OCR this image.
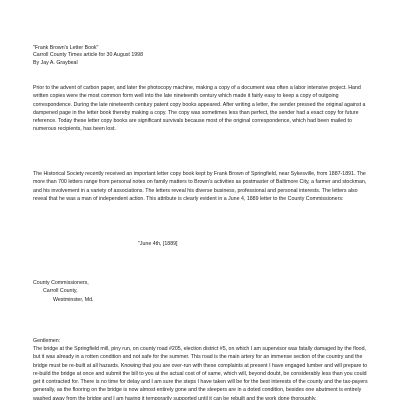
"Frank Brown's Letter Book"

Carroll County Times article for 30 August 1998

By Jay A. Graybeal

Prior to the advent of carbon paper, and later the photocopy machine, making a copy of a document was often a labor intensive project. Hand written copies were the most common form well into the late nineteenth century which made it fairly easy to keep a copy of outgoing correspondence. During the late nineteenth century patent copy books appeared. After writing a letter, the sender pressed the original against a dampened page in the letter book thereby making a copy. The copy was sometimes less than perfect, the sender had a exact copy for future reference. Today these letter copy books are significant survivals because most of the original correspondence, which had been mailed to numerous recipients, has been lost.

The Historical Society recently received an important letter copy book kept by Frank Brown of Springfield, near Sykesville, from 1887-1891. The more than 700 letters range from personal notes on family matters to Brown's activities as postmaster of Baltimore City, a farmer and stockman, and his involvement in a variety of associations. The letters reveal his diverse business, professional and personal interests. The letters also reveal that he was a man of independent action. This attribute is clearly evident in a June 4, 1889 letter to the County Commissioners:

"June 4th, [1889]

County Commissioners,

Carroll County,

Westminster, Md.

Gentlemen:

The bridge at the Springfield mill, piny run, on county road #205, election district #5, on which I am supervisor was fatally damaged by the flood, but it was already in a rotten condition and not safe for the summer. This road is the main artery for an immense section of the country and the bridge must be re-built at all hazards. Knowing that you are over-run with these complaints at present I have engaged lumber and will prepare to re-build the bridge at once and submit the bill to you at the actual cost of of same, which will, beyond doubt, be considerably less than you could get it contracted for. There is no time for delay and I am sure the steps I have taken will be for the best interests of the county and the tax-payers generally, as the flooring on the bridge is now almost entirely gone and the sleepers are in a doted condition, besides one abutment is entirely washed away from the bridge and I am having it temporarily supported until it can be rebuilt and the work done thoroughly.
